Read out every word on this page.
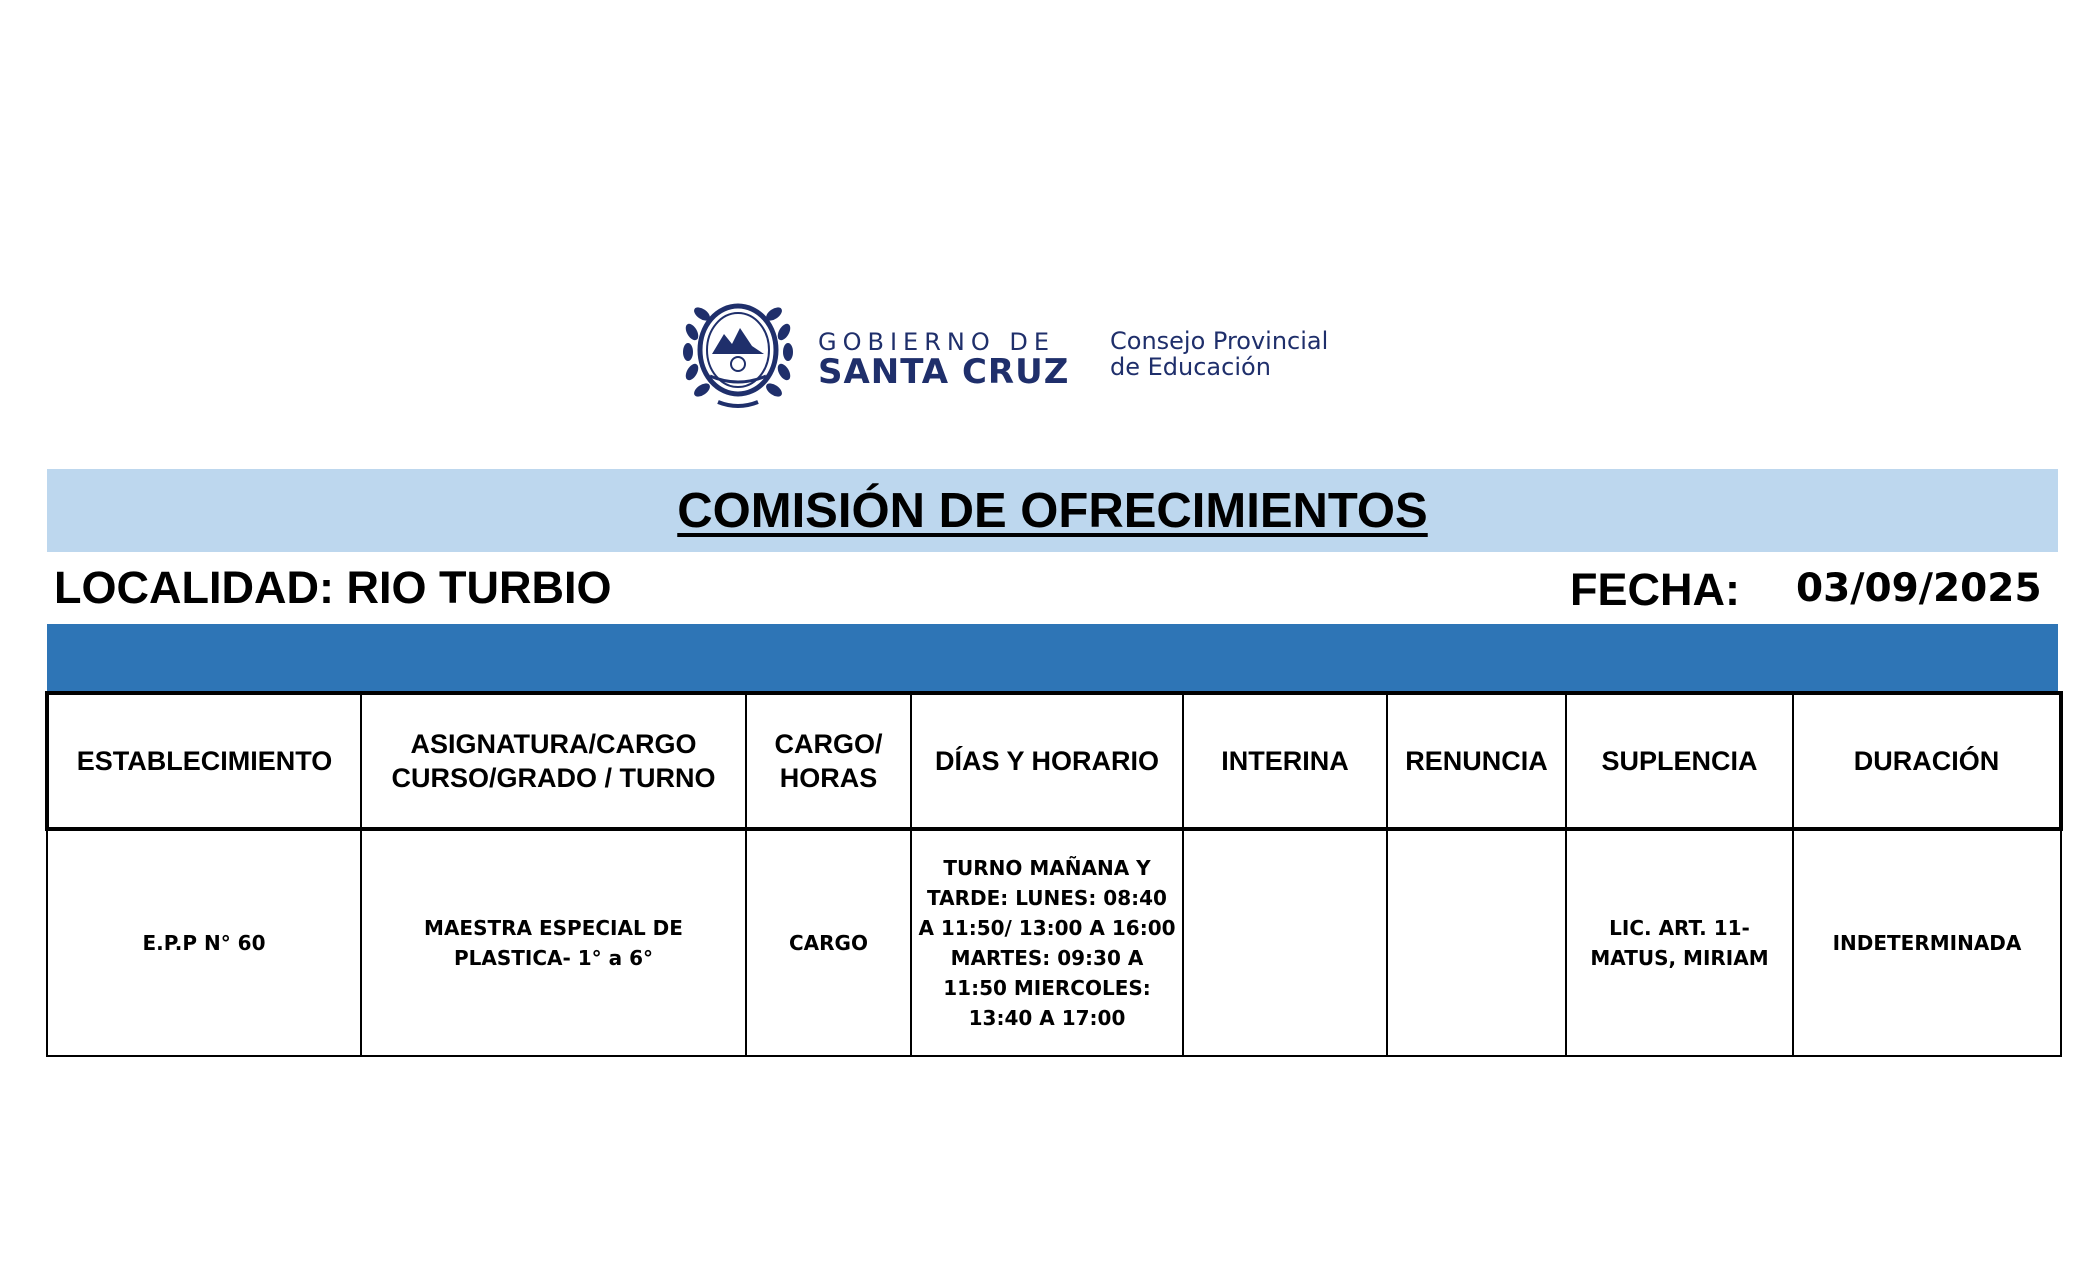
GOBIERNO DE
SANTA CRUZ
Consejo Provincial
de Educación
COMISIÓN DE OFRECIMIENTOS
LOCALIDAD: RIO TURBIO	FECHA: 03/09/2025
ESTABLECIMIENTO	ASIGNATURA/CARGO CURSO/GRADO / TURNO	CARGO/ HORAS	DÍAS Y HORARIO	INTERINA	RENUNCIA	SUPLENCIA	DURACIÓN
E.P.P N° 60	MAESTRA ESPECIAL DE PLASTICA- 1° a 6°	CARGO	TURNO MAÑANA Y TARDE: LUNES: 08:40 A 11:50/ 13:00 A 16:00 MARTES: 09:30 A 11:50 MIERCOLES: 13:40 A 17:00			LIC. ART. 11- MATUS, MIRIAM	INDETERMINADA
